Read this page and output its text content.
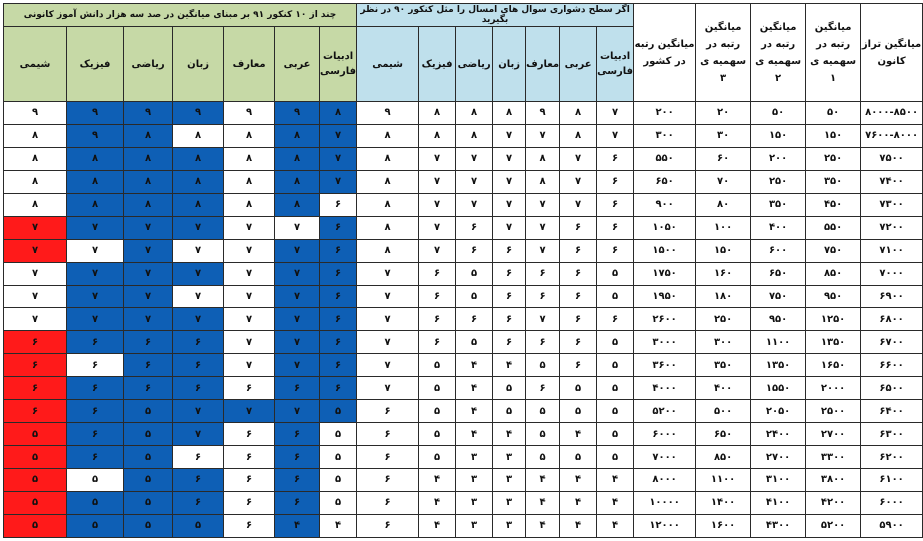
میانگین تراز کانون	میانگین رتبه در سهمیه ی ۱	میانگین رتبه در سهمیه ی ۲	میانگین رتبه در سهمیه ی ۳	میانگین رتبه در کشور	اگر سطح دشواری سوال های امسال را مثل کنکور ۹۰ در نظر بگیرید							چند از ۱۰ کنکور ۹۱ بر مبنای میانگین در صد سه هزار دانش آموز کانونی						
					ادبیات فارسی	عربی	معارف	زبان	ریاضی	فیزیک	شیمی	ادبیات فارسی	عربی	معارف	زبان	ریاضی	فیزیک	شیمی
۸۰۰۰-۸۵۰۰	۵۰	۵۰	۲۰	۲۰۰	۷	۸	۹	۸	۸	۸	۹	۸	۹	۹	۹	۹	۹	۹
۷۶۰۰-۸۰۰۰	۱۵۰	۱۵۰	۳۰	۳۰۰	۷	۸	۷	۷	۸	۸	۸	۷	۸	۸	۸	۸	۹	۸
۷۵۰۰	۲۵۰	۲۰۰	۶۰	۵۵۰	۶	۷	۸	۷	۷	۷	۸	۷	۸	۸	۸	۸	۸	۸
۷۴۰۰	۳۵۰	۲۵۰	۷۰	۶۵۰	۶	۷	۸	۷	۷	۷	۸	۷	۸	۸	۸	۸	۸	۸
۷۳۰۰	۴۵۰	۳۵۰	۸۰	۹۰۰	۶	۷	۷	۷	۷	۷	۸	۶	۸	۸	۸	۸	۸	۸
۷۲۰۰	۵۵۰	۴۰۰	۱۰۰	۱۰۵۰	۶	۶	۷	۷	۶	۷	۸	۶	۷	۷	۷	۷	۷	۷
۷۱۰۰	۷۵۰	۶۰۰	۱۵۰	۱۵۰۰	۶	۶	۷	۶	۶	۷	۸	۶	۷	۷	۷	۷	۷	۷
۷۰۰۰	۸۵۰	۶۵۰	۱۶۰	۱۷۵۰	۵	۶	۶	۶	۵	۶	۷	۶	۷	۷	۷	۷	۷	۷
۶۹۰۰	۹۵۰	۷۵۰	۱۸۰	۱۹۵۰	۵	۶	۶	۶	۵	۶	۷	۶	۷	۷	۷	۷	۷	۷
۶۸۰۰	۱۲۵۰	۹۵۰	۲۵۰	۲۶۰۰	۶	۶	۷	۶	۶	۶	۷	۶	۷	۷	۷	۷	۷	۷
۶۷۰۰	۱۳۵۰	۱۱۰۰	۳۰۰	۳۰۰۰	۵	۶	۶	۶	۵	۶	۷	۶	۷	۷	۶	۶	۶	۶
۶۶۰۰	۱۶۵۰	۱۳۵۰	۳۵۰	۳۶۰۰	۵	۶	۵	۴	۴	۵	۷	۶	۷	۷	۶	۶	۶	۶
۶۵۰۰	۲۰۰۰	۱۵۵۰	۴۰۰	۴۰۰۰	۵	۵	۶	۵	۴	۵	۷	۶	۶	۶	۶	۶	۶	۶
۶۴۰۰	۲۵۰۰	۲۰۵۰	۵۰۰	۵۲۰۰	۵	۵	۵	۵	۴	۵	۶	۵	۷	۷	۷	۵	۶	۶
۶۳۰۰	۲۷۰۰	۲۴۰۰	۶۵۰	۶۰۰۰	۵	۴	۵	۴	۴	۵	۶	۵	۶	۶	۷	۵	۶	۵
۶۲۰۰	۳۳۰۰	۲۷۰۰	۸۵۰	۷۰۰۰	۵	۵	۵	۳	۳	۵	۶	۵	۶	۶	۶	۵	۶	۵
۶۱۰۰	۳۸۰۰	۳۱۰۰	۱۱۰۰	۸۰۰۰	۴	۴	۴	۳	۳	۴	۶	۵	۶	۶	۶	۵	۵	۵
۶۰۰۰	۴۲۰۰	۴۱۰۰	۱۴۰۰	۱۰۰۰۰	۴	۴	۴	۳	۳	۴	۶	۵	۶	۶	۶	۵	۵	۵
۵۹۰۰	۵۲۰۰	۴۳۰۰	۱۶۰۰	۱۲۰۰۰	۴	۴	۴	۳	۳	۴	۶	۴	۴	۶	۵	۵	۵	۵
